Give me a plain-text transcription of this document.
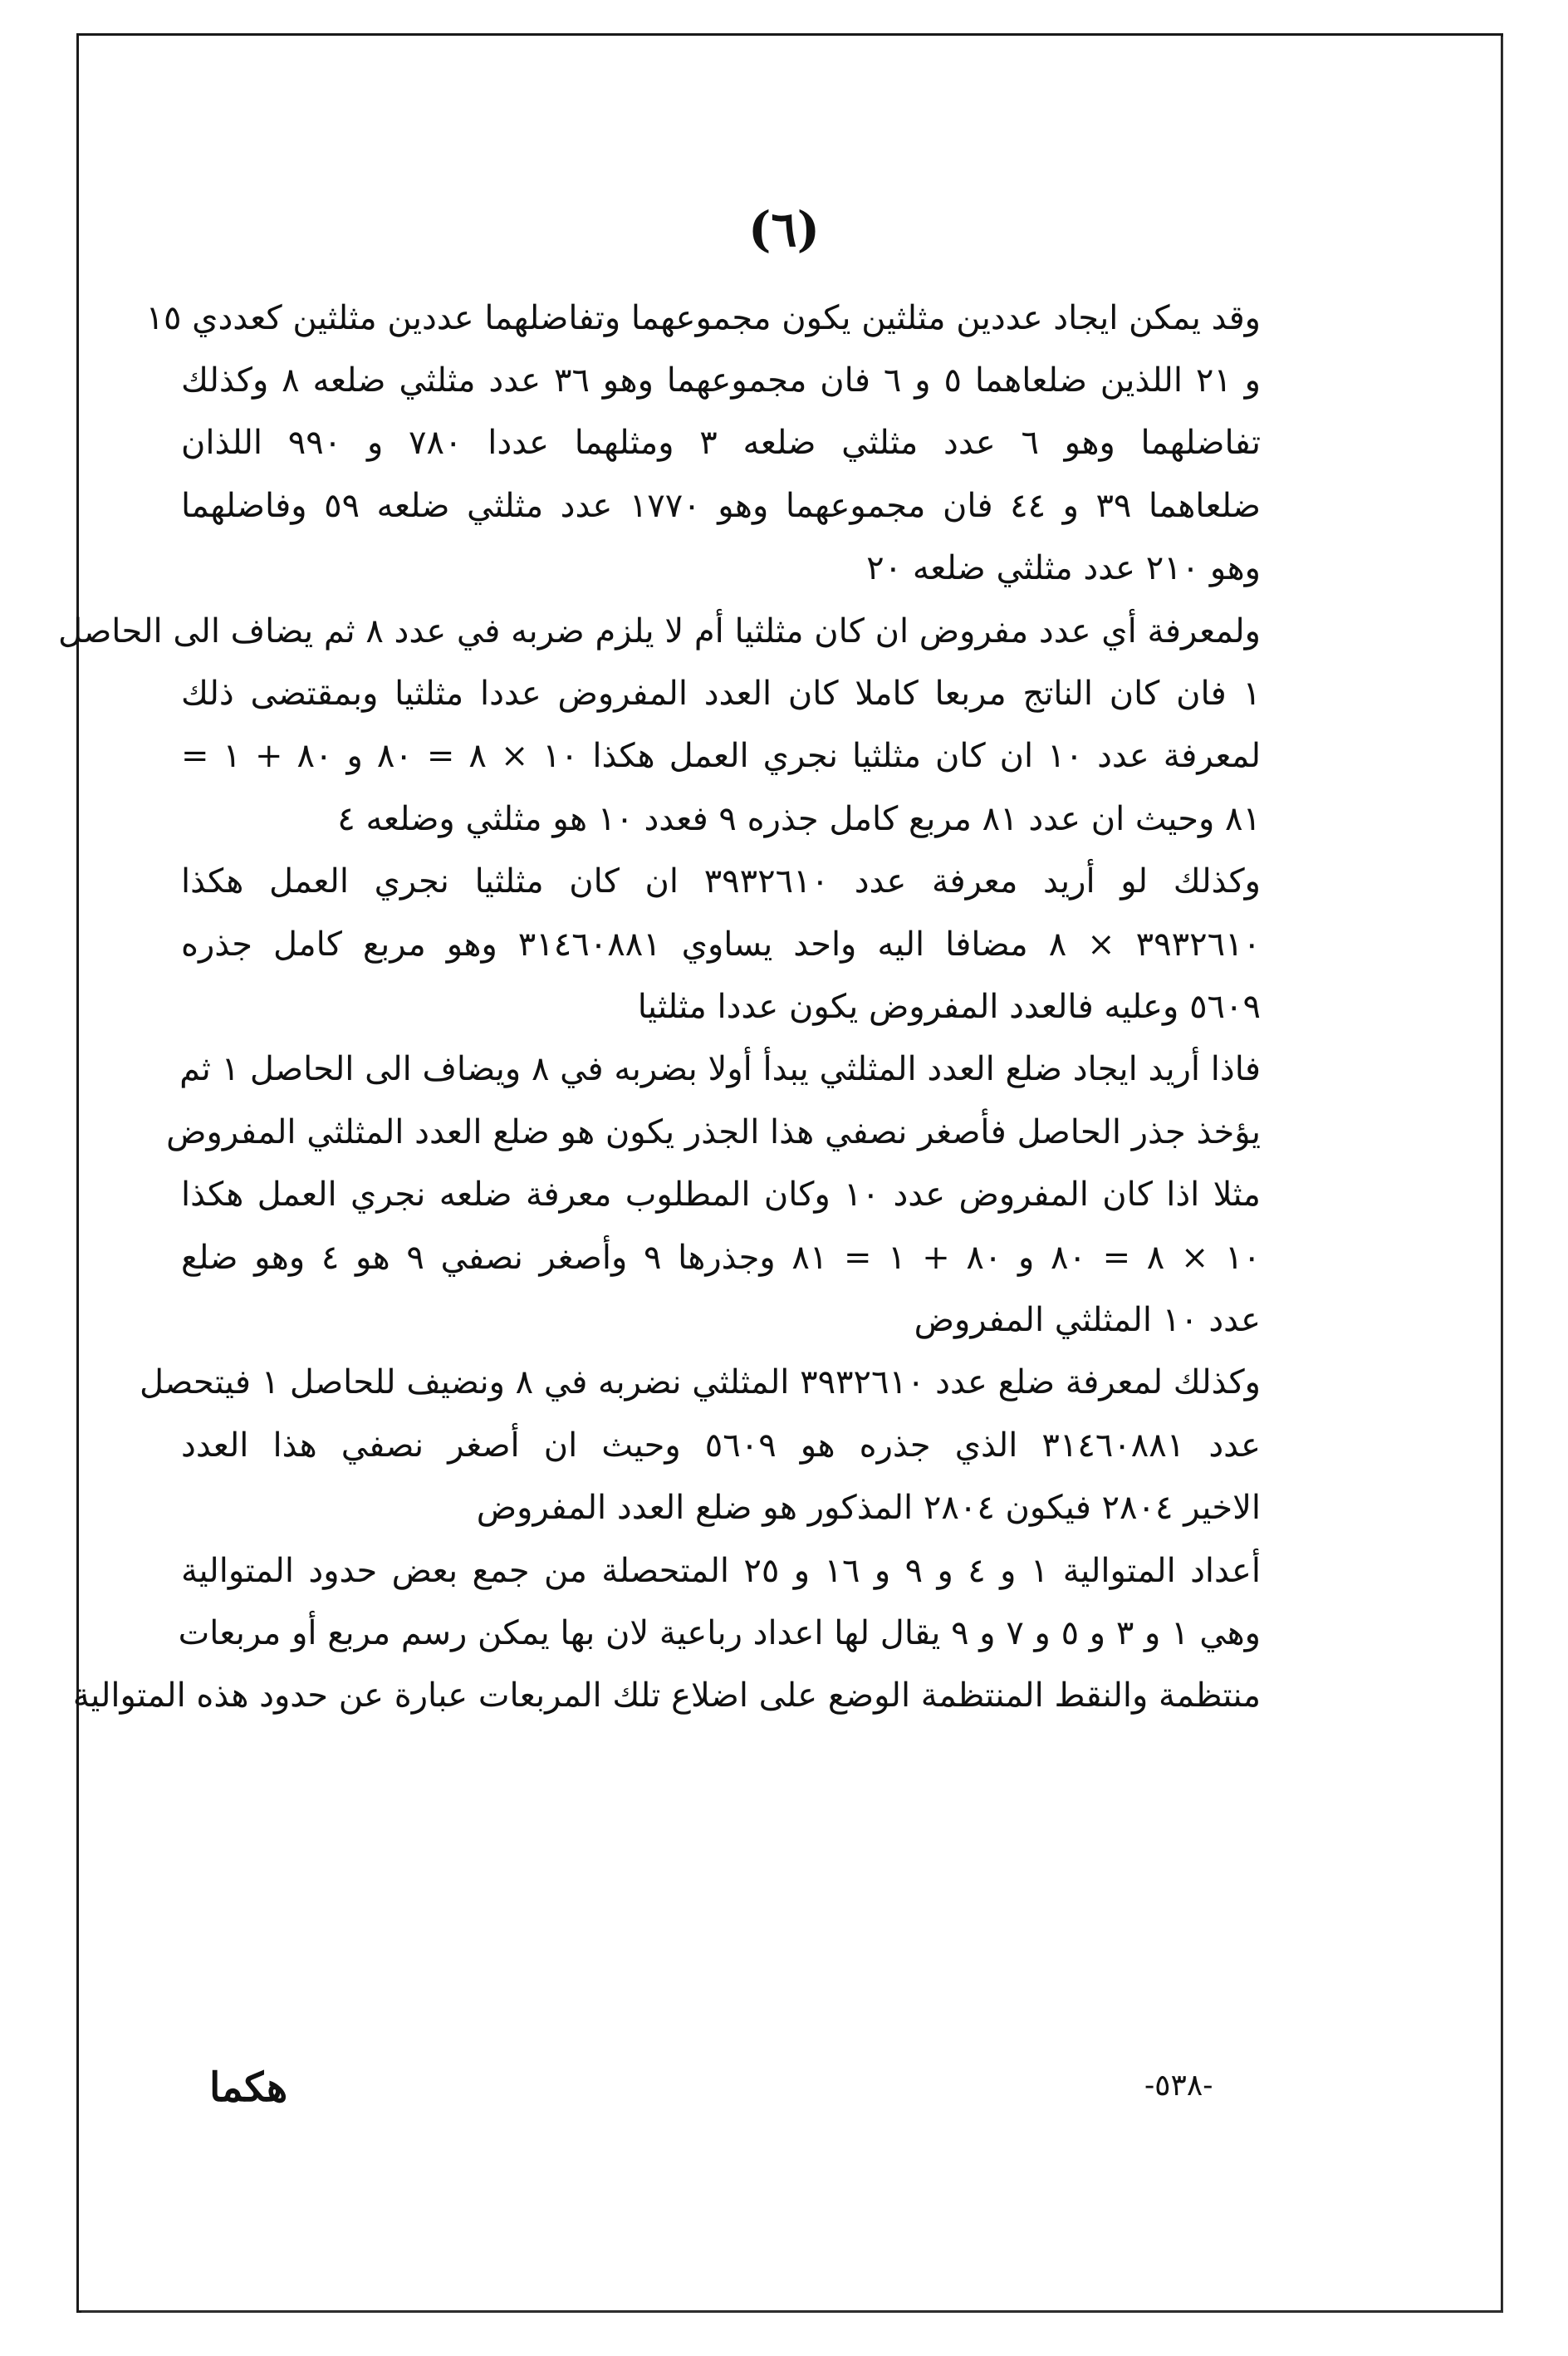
(٦)
وقد يمكن ايجاد عددين مثلثين يكون مجموعهما وتفاضلهما عددين مثلثين كعددي ١٥
و ٢١ اللذين ضلعاهما ٥ و ٦ فان مجموعهما وهو ٣٦ عدد مثلثي ضلعه ٨ وكذلك
تفاضلهما وهو ٦ عدد مثلثي ضلعه ٣ ومثلهما عددا ٧٨٠ و ٩٩٠ اللذان
ضلعاهما ٣٩ و ٤٤ فان مجموعهما وهو ١٧٧٠ عدد مثلثي ضلعه ٥٩ وفاضلهما
وهو ٢١٠ عدد مثلثي ضلعه ٢٠
ولمعرفة أي عدد مفروض ان كان مثلثيا أم لا يلزم ضربه في عدد ٨ ثم يضاف الى الحاصل
١ فان كان الناتج مربعا كاملا كان العدد المفروض عددا مثلثيا وبمقتضى ذلك
لمعرفة عدد ١٠ ان كان مثلثيا نجري العمل هكذا ١٠ × ٨ = ٨٠ و ٨٠ + ١ =
٨١ وحيث ان عدد ٨١ مربع كامل جذره ٩ فعدد ١٠ هو مثلثي وضلعه ٤
وكذلك لو أريد معرفة عدد ٣٩٣٢٦١٠ ان كان مثلثيا نجري العمل هكذا
٣٩٣٢٦١٠ × ٨ مضافا اليه واحد يساوي ٣١٤٦٠٨٨١ وهو مربع كامل جذره
٥٦٠٩ وعليه فالعدد المفروض يكون عددا مثلثيا
فاذا أريد ايجاد ضلع العدد المثلثي يبدأ أولا بضربه في ٨ ويضاف الى الحاصل ١ ثم
يؤخذ جذر الحاصل فأصغر نصفي هذا الجذر يكون هو ضلع العدد المثلثي المفروض
مثلا اذا كان المفروض عدد ١٠ وكان المطلوب معرفة ضلعه نجري العمل هكذا
١٠ × ٨ = ٨٠ و ٨٠ + ١ = ٨١ وجذرها ٩ وأصغر نصفي ٩ هو ٤ وهو ضلع
عدد ١٠ المثلثي المفروض
وكذلك لمعرفة ضلع عدد ٣٩٣٢٦١٠ المثلثي نضربه في ٨ ونضيف للحاصل ١ فيتحصل
عدد ٣١٤٦٠٨٨١ الذي جذره هو ٥٦٠٩ وحيث ان أصغر نصفي هذا العدد
الاخير ٢٨٠٤ فيكون ٢٨٠٤ المذكور هو ضلع العدد المفروض
أعداد المتوالية ١ و ٤ و ٩ و ١٦ و ٢٥ المتحصلة من جمع بعض حدود المتوالية
وهي ١ و ٣ و ٥ و ٧ و ٩ يقال لها اعداد رباعية لان بها يمكن رسم مربع أو مربعات
منتظمة والنقط المنتظمة الوضع على اضلاع تلك المربعات عبارة عن حدود هذه المتوالية
هكما	-٥٣٨-
